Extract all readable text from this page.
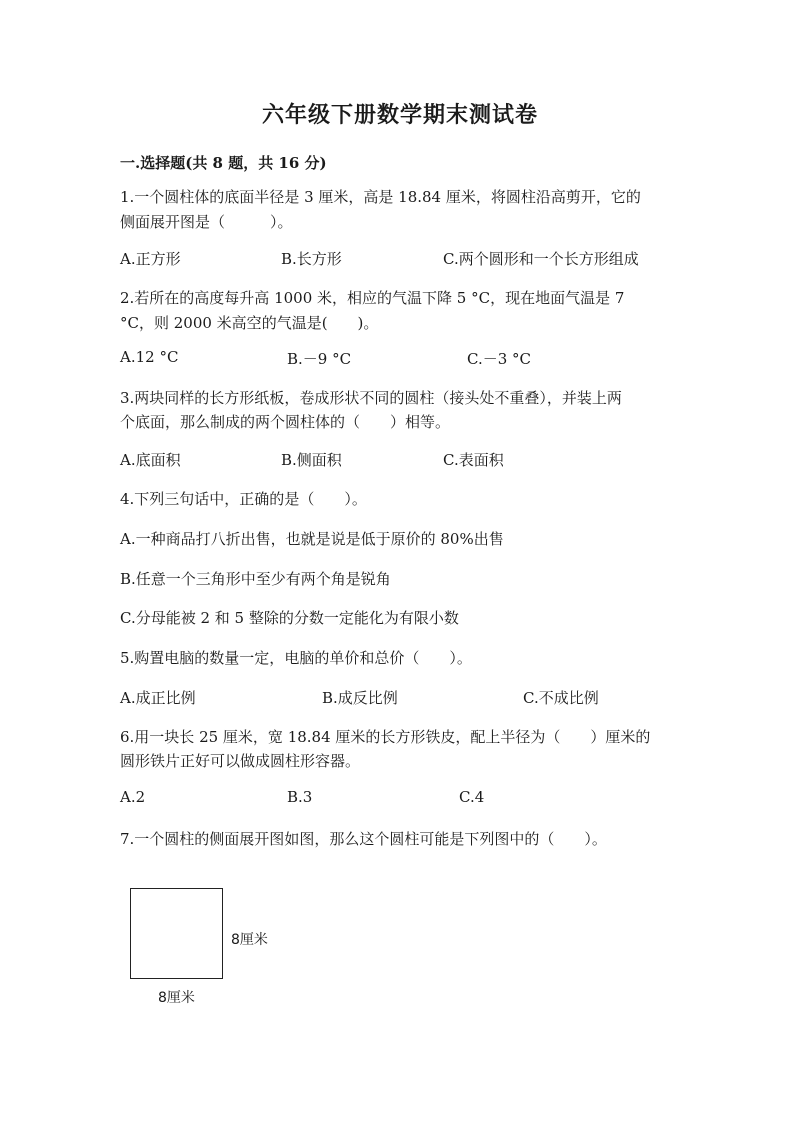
六年级下册数学期末测试卷
一.选择题(共 8 题，共 16 分)
1.一个圆柱体的底面半径是 3 厘米，高是 18.84 厘米，将圆柱沿高剪开，它的
侧面展开图是（　　　）。
A.正方形	B.长方形	C.两个圆形和一个长方形组成
2.若所在的高度每升高 1000 米，相应的气温下降 5 °C，现在地面气温是 7
°C，则 2000 米高空的气温是(　　)。
A.12 °C	B.－9 °C	C.－3 °C
3.两块同样的长方形纸板，卷成形状不同的圆柱（接头处不重叠），并装上两
个底面，那么制成的两个圆柱体的（　　）相等。
A.底面积	B.侧面积	C.表面积
4.下列三句话中，正确的是（　　）。
A.一种商品打八折出售，也就是说是低于原价的 80%出售
B.任意一个三角形中至少有两个角是锐角
C.分母能被 2 和 5 整除的分数一定能化为有限小数
5.购置电脑的数量一定，电脑的单价和总价（　　）。
A.成正比例	B.成反比例	C.不成比例
6.用一块长 25 厘米，宽 18.84 厘米的长方形铁皮，配上半径为（　　）厘米的
圆形铁片正好可以做成圆柱形容器。
A.2	B.3	C.4
7.一个圆柱的侧面展开图如图，那么这个圆柱可能是下列图中的（　　）。
8厘米
8厘米
